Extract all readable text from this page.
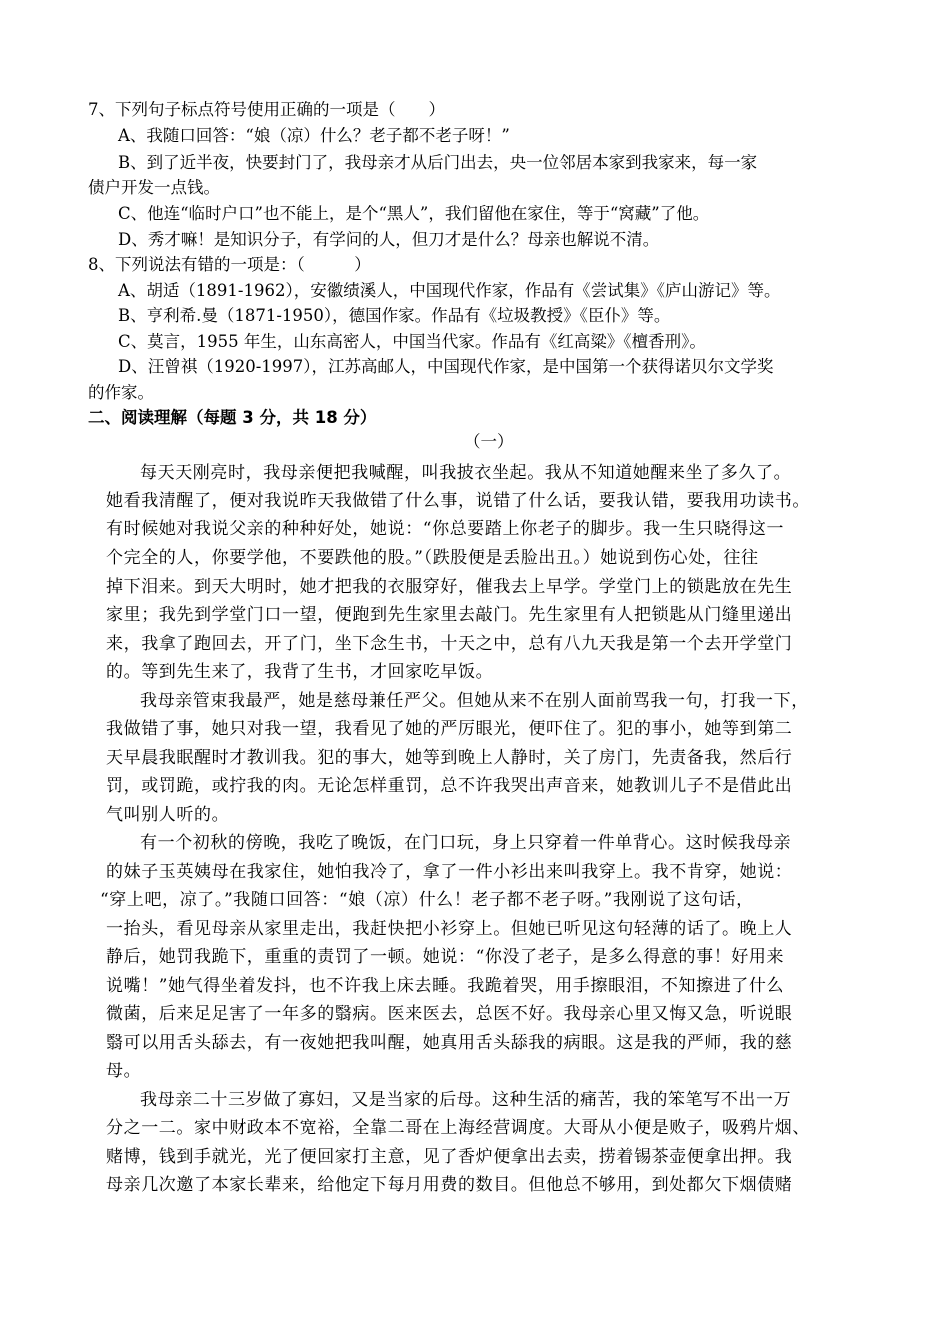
7、下列句子标点符号使用正确的一项是（　　）
A、我随口回答：“娘（凉）什么？老子都不老子呀！”
B、到了近半夜，快要封门了，我母亲才从后门出去，央一位邻居本家到我家来，每一家
债户开发一点钱。
C、他连“临时户口”也不能上，是个“黑人”，我们留他在家住，等于“窝藏”了他。
D、秀才嘛！是知识分子，有学问的人，但刀才是什么？母亲也解说不清。
8、下列说法有错的一项是：（　　　）
A、胡适（1891-1962），安徽绩溪人，中国现代作家，作品有《尝试集》《庐山游记》等。
B、亨利希.曼（1871-1950），德国作家。作品有《垃圾教授》《臣仆》等。
C、莫言，1955 年生，山东高密人，中国当代家。作品有《红高粱》《檀香刑》。
D、汪曾祺（1920-1997），江苏高邮人，中国现代作家，是中国第一个获得诺贝尔文学奖
的作家。
二、阅读理解（每题 3 分，共 18 分）
（一）
每天天刚亮时，我母亲便把我喊醒，叫我披衣坐起。我从不知道她醒来坐了多久了。
她看我清醒了，便对我说昨天我做错了什么事，说错了什么话，要我认错，要我用功读书。
有时候她对我说父亲的种种好处，她说：“你总要踏上你老子的脚步。我一生只晓得这一
个完全的人，你要学他，不要跌他的股。”（跌股便是丢脸出丑。）她说到伤心处，往往
掉下泪来。到天大明时，她才把我的衣服穿好，催我去上早学。学堂门上的锁匙放在先生
家里；我先到学堂门口一望，便跑到先生家里去敲门。先生家里有人把锁匙从门缝里递出
来，我拿了跑回去，开了门，坐下念生书，十天之中，总有八九天我是第一个去开学堂门
的。等到先生来了，我背了生书，才回家吃早饭。
我母亲管束我最严，她是慈母兼任严父。但她从来不在别人面前骂我一句，打我一下，
我做错了事，她只对我一望，我看见了她的严厉眼光，便吓住了。犯的事小，她等到第二
天早晨我眠醒时才教训我。犯的事大，她等到晚上人静时，关了房门，先责备我，然后行
罚，或罚跪，或拧我的肉。无论怎样重罚，总不许我哭出声音来，她教训儿子不是借此出
气叫别人听的。
有一个初秋的傍晚，我吃了晚饭，在门口玩，身上只穿着一件单背心。这时候我母亲
的妹子玉英姨母在我家住，她怕我冷了，拿了一件小衫出来叫我穿上。我不肯穿，她说：
“穿上吧，凉了。”我随口回答：“娘（凉）什么！老子都不老子呀。”我刚说了这句话，
一抬头，看见母亲从家里走出，我赶快把小衫穿上。但她已听见这句轻薄的话了。晚上人
静后，她罚我跪下，重重的责罚了一顿。她说：“你没了老子，是多么得意的事！好用来
说嘴！”她气得坐着发抖，也不许我上床去睡。我跪着哭，用手擦眼泪，不知擦进了什么
微菌，后来足足害了一年多的翳病。医来医去，总医不好。我母亲心里又悔又急，听说眼
翳可以用舌头舔去，有一夜她把我叫醒，她真用舌头舔我的病眼。这是我的严师，我的慈
母。
我母亲二十三岁做了寡妇，又是当家的后母。这种生活的痛苦，我的笨笔写不出一万
分之一二。家中财政本不宽裕，全靠二哥在上海经营调度。大哥从小便是败子，吸鸦片烟、
赌博，钱到手就光，光了便回家打主意，见了香炉便拿出去卖，捞着锡茶壶便拿出押。我
母亲几次邀了本家长辈来，给他定下每月用费的数目。但他总不够用，到处都欠下烟债赌
